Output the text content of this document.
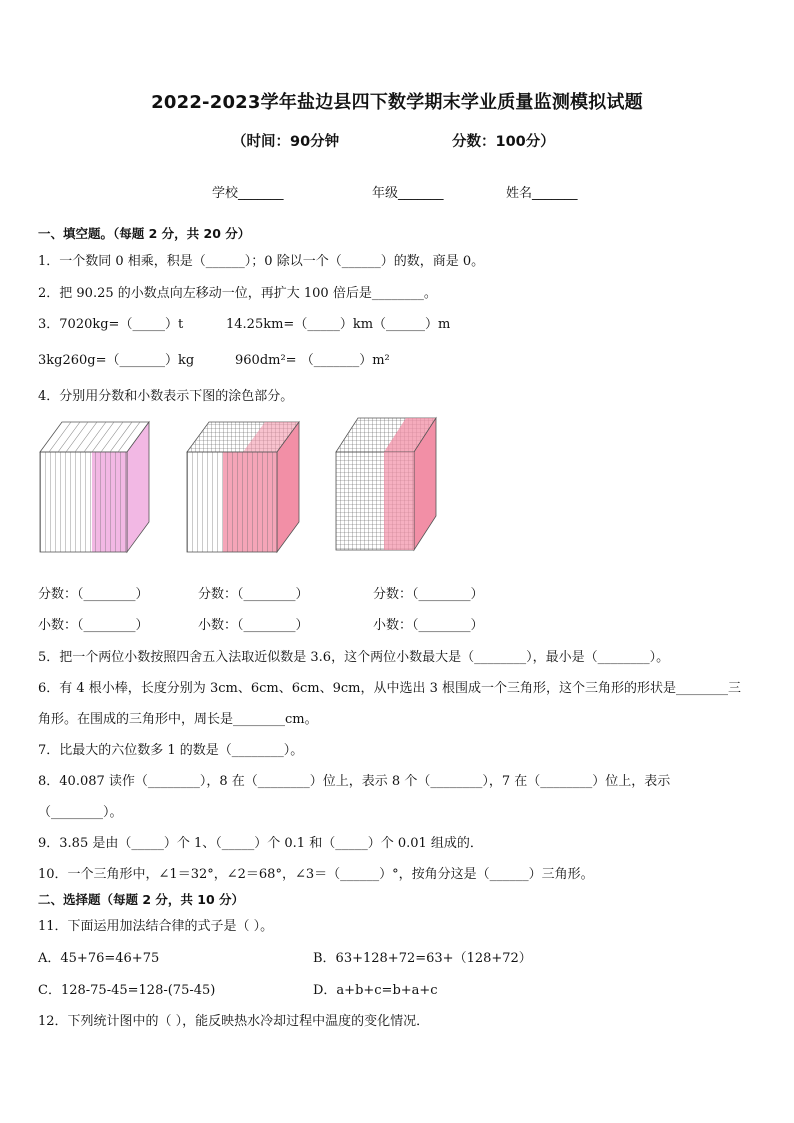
2022-2023学年盐边县四下数学期末学业质量监测模拟试题
（时间：90分钟	分数：100分）
学校_______	年级_______	姓名_______
一、填空题。（每题 2 分，共 20 分）
1．一个数同 0 相乘，积是（______）；0 除以一个（______）的数，商是 0。
2．把 90.25 的小数点向左移动一位，再扩大 100 倍后是________。
3．7020kg=（_____）t	14.25km=（_____）km（______）m
3kg260g=（_______）kg	960dm²= （_______）m²
4．分别用分数和小数表示下图的涂色部分。
分数：（________）	分数：（________）	分数：（________）
小数：（________）	小数：（________）	小数：（________）
5．把一个两位小数按照四舍五入法取近似数是 3.6，这个两位小数最大是（________），最小是（________）。
6．有 4 根小棒，长度分别为 3cm、6cm、6cm、9cm，从中选出 3 根围成一个三角形，这个三角形的形状是________三
角形。在围成的三角形中，周长是________cm。
7．比最大的六位数多 1 的数是（________）。
8．40.087 读作（________），8 在（________）位上，表示 8 个（________），7 在（________）位上，表示
（________）。
9．3.85 是由（_____）个 1、（_____）个 0.1 和（_____）个 0.01 组成的．
10．一个三角形中，∠1＝32°，∠2＝68°，∠3＝（______）°，按角分这是（______）三角形。
二、选择题（每题 2 分，共 10 分）
11．下面运用加法结合律的式子是（ ）。
A．45+76=46+75	B．63+128+72=63+（128+72）
C．128-75-45=128-(75-45)	D．a+b+c=b+a+c
12．下列统计图中的（ ），能反映热水冷却过程中温度的变化情况．
